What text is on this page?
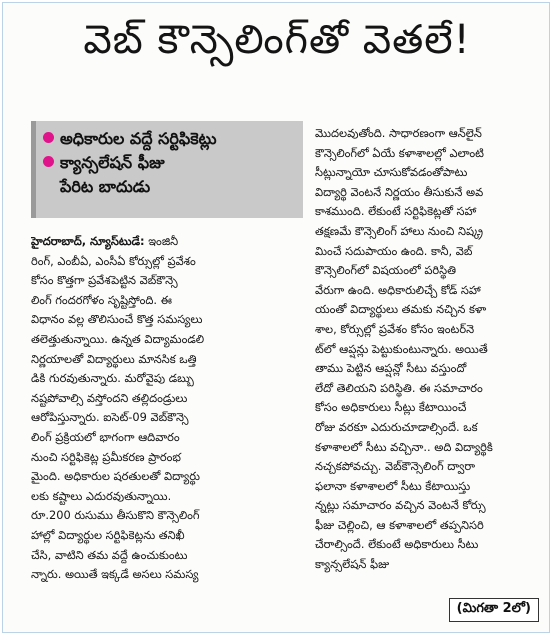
వెబ్ కౌన్సెలింగ్‌తో వెతలే!
అధికారుల వద్దే సర్టిఫికెట్లు
క్యాన్సలేషన్ ఫీజు
పేరిట బాదుడు
హైదరాబాద్, న్యూస్‌టుడే: ఇంజినీ
రింగ్, ఎంబీఏ, ఎంసీఏ కోర్సుల్లో ప్రవేశం
కోసం కొత్తగా ప్రవేశపెట్టిన వెబ్‌కౌన్సె
లింగ్ గందరగోళం సృష్టిస్తోంది. ఈ
విధానం వల్ల తొలిసుంచే కొత్త సమస్యలు
తలెత్తుతున్నాయి. ఉన్నత విద్యామండలి
నిర్ణయాలతో విద్యార్థులు మానసిక ఒత్తి
డికి గురవుతున్నారు. మరోవైపు డబ్బు
నష్టపోవాల్సి వస్తోందని తల్లిదండ్రులు
ఆరోపిస్తున్నారు. ఐసెట్-09 వెబ్‌కౌన్సె
లింగ్ ప్రక్రియలో భాగంగా ఆదివారం
నుంచి సర్టిఫికెట్ల ప్రమీకరణ ప్రారంభ
మైంది. అధికారుల షరతులతో విద్యార్థు
లకు కష్టాలు ఎదురవుతున్నాయి.
రూ.200 రుసుము తీసుకొని కౌన్సెలింగ్
హాల్లో విద్యార్థుల సర్టిఫికెట్లను తనిఖీ
చేసి, వాటిని తమ వద్దే ఉంచుకుంటు
న్నారు. అయితే ఇక్కడే అసలు సమస్య
మొదలవుతోంది. సాధారణంగా ఆన్‌లైన్
కౌన్సెలింగ్‌లో ఏయే కళాశాలల్లో ఎలాంటి
సీట్లున్నాయో చూసుకోవడంతోపాటు
విద్యార్థి వెంటనే నిర్ణయం తీసుకునే అవ
కాశముంది. లేకుంటే సర్టిఫికెట్లతో సహా
తక్షణమే కౌన్సెలింగ్ హాలు నుంచి నిష్క్ర
మించే సదుపాయం ఉంది. కానీ, వెబ్
కౌన్సెలింగ్‌లో విషయంలో పరిస్థితి
వేరుగా ఉంది. అధికారులిచ్చే కోడ్ సహా
యంతో విద్యార్థులు తమకు నచ్చిన కళా
శాల, కోర్సుల్లో ప్రవేశం కోసం ఇంటర్‌నె
ట్‌లో ఆప్షన్లు పెట్టుకుంటున్నారు. అయితే
తాము పెట్టిన ఆప్షన్లో సీటు వస్తుందో
లేదో తెలియని పరిస్థితి. ఈ సమాచారం
కోసం అధికారులు సీట్లు కేటాయించే
రోజు వరకూ ఎదురుచూడాల్సిందే. ఒక
కళాశాలలో సీటు వచ్చినా.. అది విద్యార్థికి
నచ్చకపోవచ్చు. వెబ్‌కౌన్సెలింగ్ ద్వారా
ఫలానా కళాశాలలో సీటు కేటాయిస్తు
న్నట్లు సమాచారం వచ్చిన వెంటనే కోర్సు
ఫీజు చెల్లించి, ఆ కళాశాలలో తప్పనిసరి
చేరాల్సిందే. లేకుంటే అధికారులు సీటు
క్యాన్సలేషన్ ఫీజు
(మిగతా 2లో)
